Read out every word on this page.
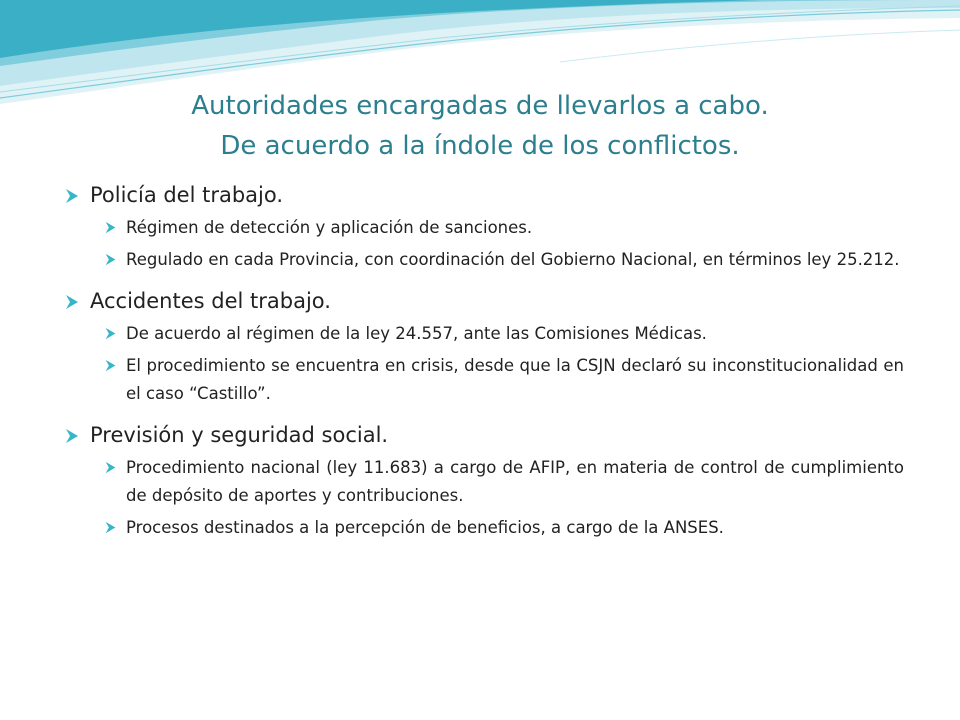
Autoridades encargadas de llevarlos a cabo.
De acuerdo a la índole de los conflictos.
Policía del trabajo.
Régimen de detección y aplicación de sanciones.
Regulado en cada Provincia, con coordinación del Gobierno Nacional, en términos ley 25.212.
Accidentes del trabajo.
De acuerdo al régimen de la ley 24.557, ante las Comisiones Médicas.
El procedimiento se encuentra en crisis, desde que la CSJN declaró su inconstitucionalidad en el caso “Castillo”.
Previsión y seguridad social.
Procedimiento nacional (ley 11.683) a cargo de AFIP, en materia de control de cumplimiento de depósito de aportes y contribuciones.
Procesos destinados a la percepción de beneficios, a cargo de la ANSES.
